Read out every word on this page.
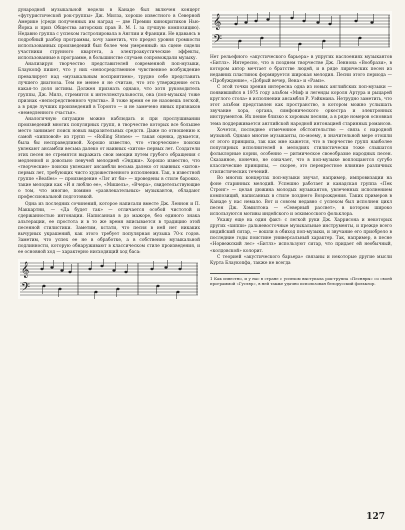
дународной музыкальной недели в Канаде был включен концерт «футуристической рок-группы» Дж. Милза, хорошо известного в Северной Америке (среди полученных им наград — две Премии кинокритиков Нью-Йорка и приз Общества авторских прав В. М. І. за лучшую композицию). Недавно группа с успехом гастролировала в Англии и Франции. Не вдаваясь в подробный разбор программы, хочу заметить, что предел уровня громкости использованных произведений был более чем умеренный: на сцене сидели участники струнного квартета, а электроакустические эффекты, использованные в программе, в большинстве случаев сопровождали музыку.

Анализируя творчество представителей современной поп-музыки, Блаукопф пишет, что у них «непосредственное чувственное возбуждение превалирует над «музыкальным восприятием», трудно себе представить лучшего диагноза. Тем не менее я не считаю, что это утверждение есть какая-то доля истины. Должен признать однако, что хотя руководитель группы, Дж. Милз, стремится к интеллектуальности, она (поп-музыка) тоже признак «непосредственного чувства». В тоже время ее не назовешь легкой, а в ряде лучших произведений в Торонто — и не замечено явных признаков «немедленного счастья».

Аналогичную ситуацию можно наблюдать и при прослушивании произведений многих популярных групп, в творчестве которых все большее место занимает поиск новых выразительных средств. Даже по отношению к самой «хипповой» из групп — «Rolling Stones» — такая оценка, думается, была бы несправедливой. Хорошо известно, что «творческие» поиски увлекают ансамбли весьма далеко от наивных «хитов» первых лет. Создатели этих песен не стремятся выражать свои эмоции путем грубого обращения с медленной и довольно певучей мелодией «Энджи». Хорошо известно, что «творческие» поиски увлекают ансамбли весьма далеко от наивных «хитов» первых лет, требующих чисто художественного исполнения. Так, в известной группе «Beatles» — произведение «Лэт ит би» — проведены в стиле барокко, такие мелодии как «И я люблю ее», «Мишель», «Вчера», свидетельствующие о том, что многие, помимо «развлекательных» музыкантов, обладают профессиональной подготовкой.

Одна из последних сочинений, которое написали вместе Дж. Леннон и П. Маккартни, — «Да будет так» — отличается особой чистотой и сдержанностью интонации. Написанная в до мажоре, без единого знака альтерации, ее простота и в то же время вписывается в традицию этой песенной стилистики. Заметим, кстати, что песня в ней нет никаких вычурных украшений, как этого требует популярная музыка 70-х годов. Заметим, что успех ее не в обработке, а в собственно музыкальной подлинности, которую обнаруживают в классическом стиле произведения, и ее основной ход — характерно нисходящий ход баса:

𝄞
𝄢
𝄞
𝄢

Нет рельефного «акустического барьера» в упругих наслоениях музыкантов «Битлз». Интересно, что в позднем творчестве Дж. Леннона «Вообрази», в котором автор мечтает о братстве людей, и в ряде лирических песен из недавних пластинок формируется широкая мелодия. Песни этого периода — «Пробуждение», «Добрый вечер, Вена» и «Рамэ».

С этой точки зрения интересна одна из новых английских поп-музыки — появившийся в 1975 году альбом «Миф и легенды короля Артура и рыцарей круглого стола» в исполнении ансамбля Р. Уэйкмана. Нетрудно заметить, что этот альбом представлен как пространство, в котором можно услышать звучание хора, органа, симфонического оркестра и электронных инструментов. Их пение близко к хоровым песням, а в ряде номеров основная тема поддерживается английской народной интонацией старинных романсов.

Хочется, последнее отмеченное обстоятельство — связь с народной музыкой. Однако многие музыканты, по-моему, в значительной мере отошли от этого принципа, так как мне кажется, что в творчестве групп наиболее популярных исполнителей в мелодиях стилистически тоже слышатся фольклорные корни, особенно — ритмическое своеобразие народных песен. Сказанное, конечно, не означает, что в поп-музыке воплощаются сугубо классические принципы, — скорее, это перекрестное влияние различных стилистических течений.

Во многих концертах поп-музыки звучат, например, импровизации на фоне старинных мелодий. Успешно работает и канадская группа «Пек Стронг» — целая дюжина молодых музыкантов, увлеченных исполнением композиций, написанных в стиле позднего Возрождения. Таких примеров в Канаде у нас немало. Вот и совсем недавно с успехом был исполнен цикл песен Дж. Хэмилтона — «Северный рассвет», в котором широко используются мотивы индейского и эскимосского фольклора.

Укажу еще на один факт: с легкой руки Дж. Харрисона и некоторых других «хиппи» дальневосточные музыкальные инструменты, и прежде всего индийский ситар, — вошли в обиход поп-музыки, и звучание его приобрело в последние годы поистине универсальный характер. Так, например, в песне «Норвежский лес» «Битлз» используют ситар, что придает ей необычный, «колдовской» колорит.

С теорией «акустического барьера» связаны и некоторые другие мысли Курта Блаукопфа, также не всегда

1 Как известно, и у нас в стране с успехом выступала рок-группа «Песняры» со своей программой «Гусляр», в ней также удачно использован белорусский фольклор.
127
